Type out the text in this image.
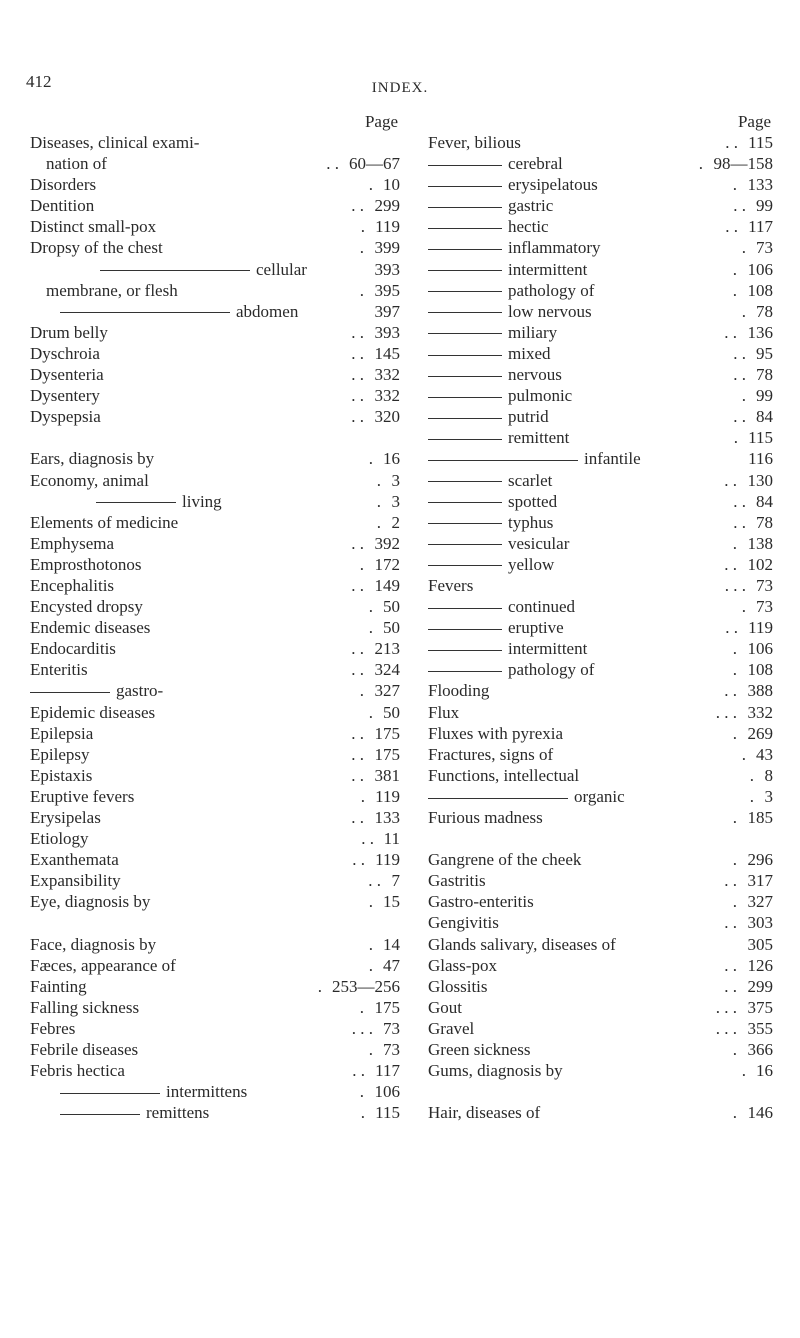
412	INDEX.
Page
Diseases, clinical exami-
nation of	. . 60—67
Disorders	. 10
Dentition	. . 299
Distinct small-pox	. 119
Dropsy of the chest	. 399
cellular	393
membrane, or flesh	. 395
abdomen	397
Drum belly	. . 393
Dyschroia	. . 145
Dysenteria	. . 332
Dysentery	. . 332
Dyspepsia	. . 320
Ears, diagnosis by	. 16
Economy, animal	. 3
living	. 3
Elements of medicine	. 2
Emphysema	. . 392
Emprosthotonos	. 172
Encephalitis	. . 149
Encysted dropsy	. 50
Endemic diseases	. 50
Endocarditis	. . 213
Enteritis	. . 324
gastro-	. 327
Epidemic diseases	. 50
Epilepsia	. . 175
Epilepsy	. . 175
Epistaxis	. . 381
Eruptive fevers	. 119
Erysipelas	. . 133
Etiology	. . 11
Exanthemata	. . 119
Expansibility	. . 7
Eye, diagnosis by	. 15
Face, diagnosis by	. 14
Fæces, appearance of	. 47
Fainting	. 253—256
Falling sickness	. 175
Febres	. . . 73
Febrile diseases	. 73
Febris hectica	. . 117
intermittens	. 106
remittens	. 115
Page
Fever, bilious	. . 115
cerebral	. 98—158
erysipelatous	. 133
gastric	. . 99
hectic	. . 117
inflammatory	. 73
intermittent	. 106
pathology of	. 108
low nervous	. 78
miliary	. . 136
mixed	. . 95
nervous	. . 78
pulmonic	. 99
putrid	. . 84
remittent	. 115
infantile	116
scarlet	. . 130
spotted	. . 84
typhus	. . 78
vesicular	. 138
yellow	. . 102
Fevers	. . . 73
continued	. 73
eruptive	. . 119
intermittent	. 106
pathology of	. 108
Flooding	. . 388
Flux	. . . 332
Fluxes with pyrexia	. 269
Fractures, signs of	. 43
Functions, intellectual	. 8
organic	. 3
Furious madness	. 185
Gangrene of the cheek	. 296
Gastritis	. . 317
Gastro-enteritis	. 327
Gengivitis	. . 303
Glands salivary, diseases of	305
Glass-pox	. . 126
Glossitis	. . 299
Gout	. . . 375
Gravel	. . . 355
Green sickness	. 366
Gums, diagnosis by	. 16
Hair, diseases of	. 146
